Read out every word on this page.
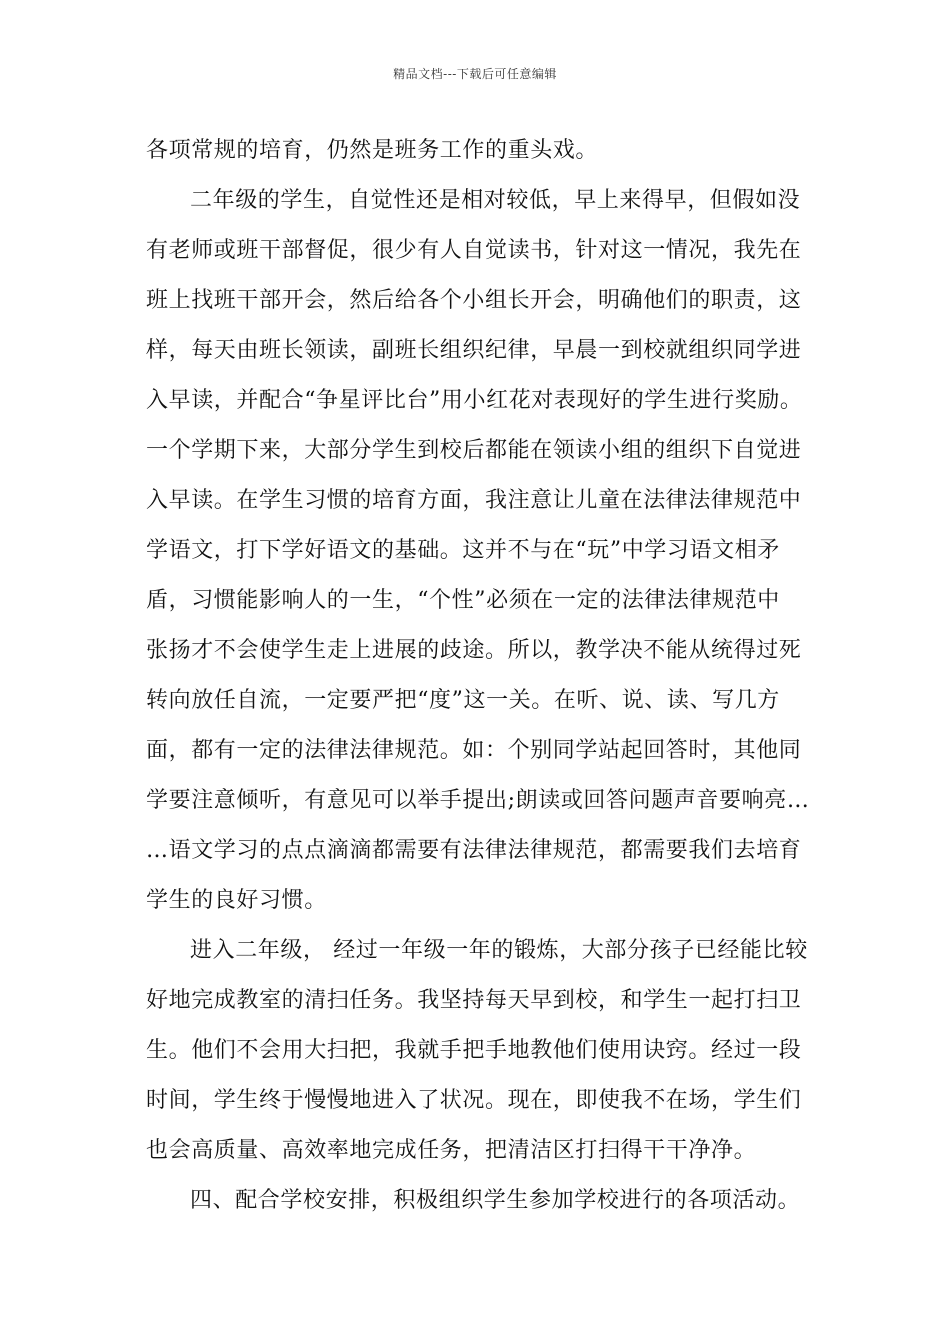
精品文档---下载后可任意编辑
各项常规的培育，仍然是班务工作的重头戏。
二年级的学生，自觉性还是相对较低，早上来得早，但假如没
有老师或班干部督促，很少有人自觉读书，针对这一情况，我先在
班上找班干部开会，然后给各个小组长开会，明确他们的职责，这
样，每天由班长领读，副班长组织纪律，早晨一到校就组织同学进
入早读，并配合“争星评比台”用小红花对表现好的学生进行奖励。
一个学期下来，大部分学生到校后都能在领读小组的组织下自觉进
入早读。在学生习惯的培育方面，我注意让儿童在法律法律规范中
学语文，打下学好语文的基础。这并不与在“玩”中学习语文相矛
盾，习惯能影响人的一生，“个性”必须在一定的法律法律规范中
张扬才不会使学生走上进展的歧途。所以，教学决不能从统得过死
转向放任自流，一定要严把“度”这一关。在听、说、读、写几方
面，都有一定的法律法律规范。如：个别同学站起回答时，其他同
学要注意倾听，有意见可以举手提出;朗读或回答问题声音要响亮…
…语文学习的点点滴滴都需要有法律法律规范，都需要我们去培育
学生的良好习惯。
进入二年级， 经过一年级一年的锻炼，大部分孩子已经能比较
好地完成教室的清扫任务。我坚持每天早到校，和学生一起打扫卫
生。他们不会用大扫把，我就手把手地教他们使用诀窍。经过一段
时间，学生终于慢慢地进入了状况。现在，即使我不在场，学生们
也会高质量、高效率地完成任务，把清洁区打扫得干干净净。
四、配合学校安排，积极组织学生参加学校进行的各项活动。
